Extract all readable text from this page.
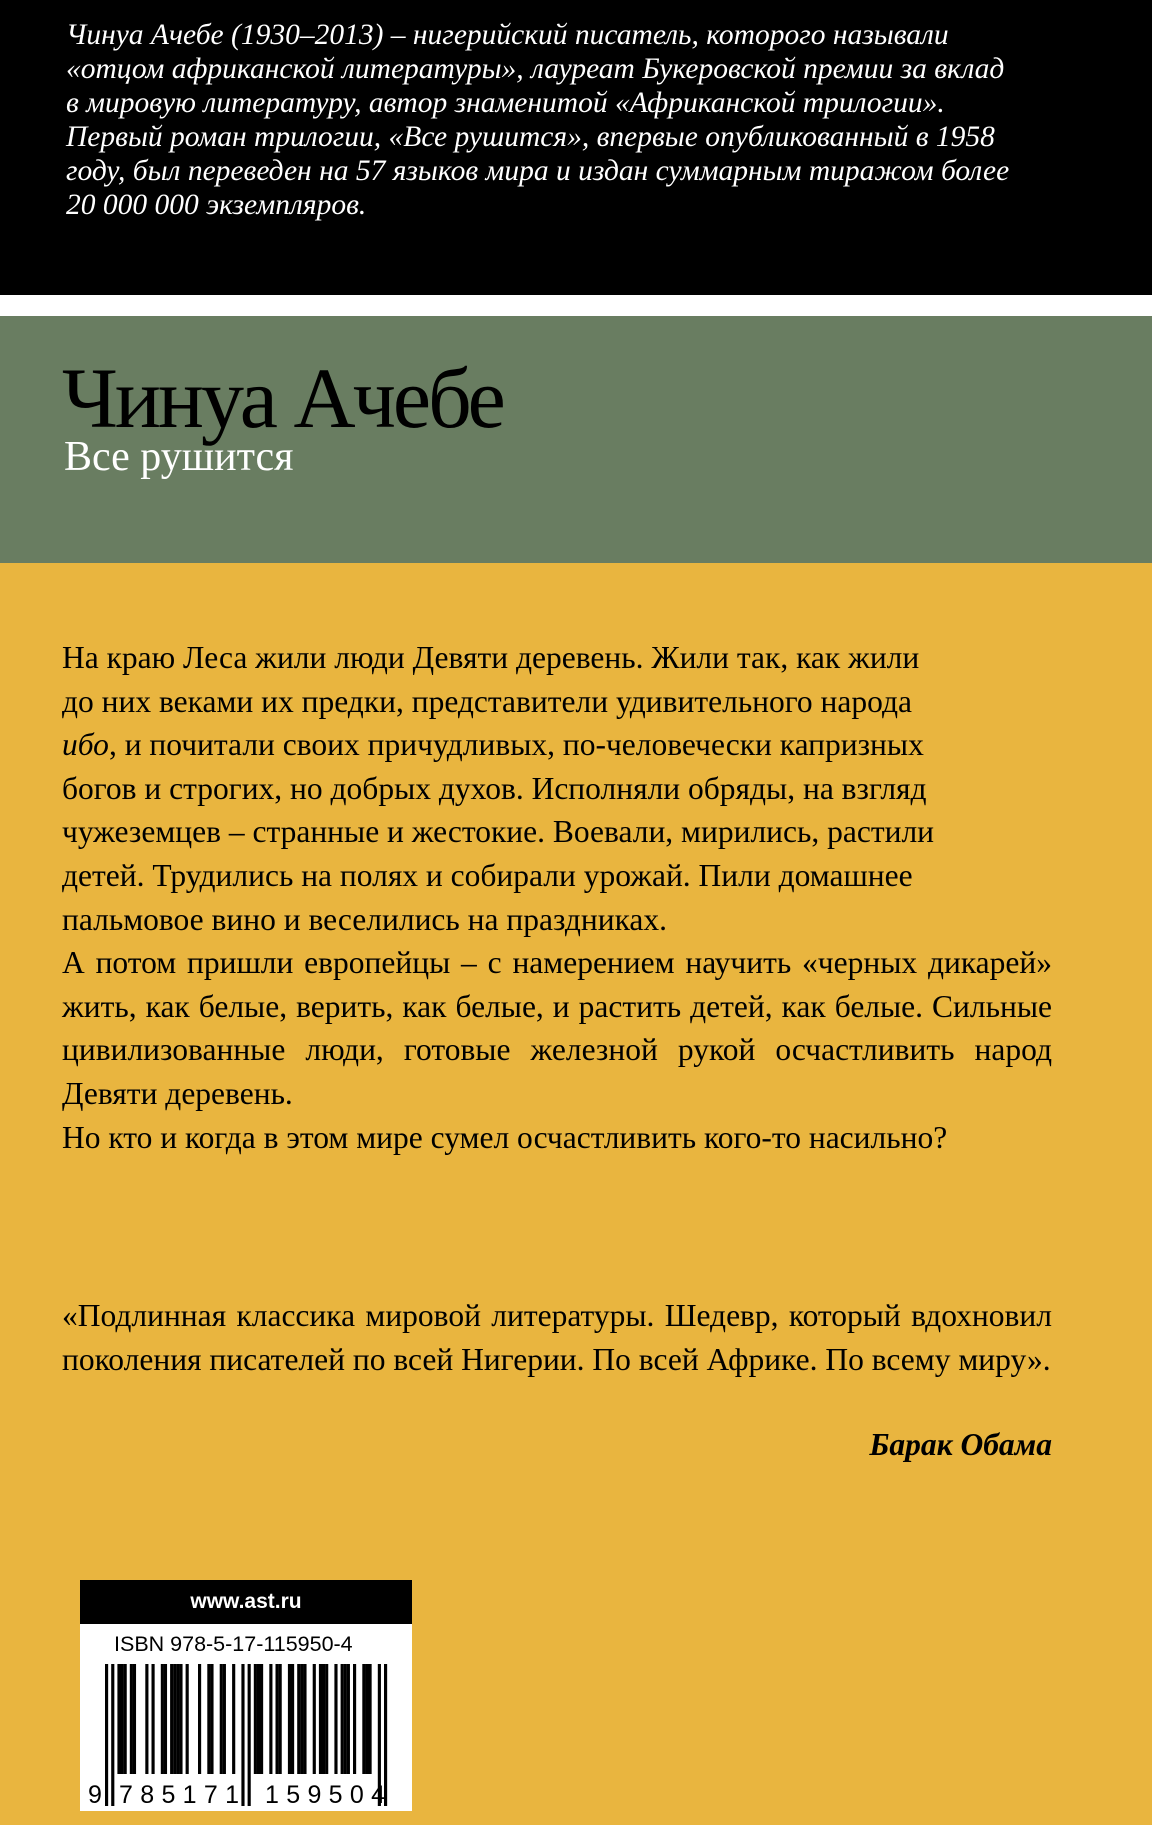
Чинуа Ачебе (1930–2013) – нигерийский писатель, которого называли
«отцом африканской литературы», лауреат Букеровской премии за вклад
в мировую литературу, автор знаменитой «Африканской трилогии».
Первый роман трилогии, «Все рушится», впервые опубликованный в 1958
году, был переведен на 57 языков мира и издан суммарным тиражом более
20 000 000 экземпляров.

Чинуа Ачебе
Все рушится

На краю Леса жили люди Девяти деревень. Жили так, как жили
до них веками их предки, представители удивительного народа
ибо, и почитали своих причудливых, по-человечески капризных
богов и строгих, но добрых духов. Исполняли обряды, на взгляд
чужеземцев – странные и жестокие. Воевали, мирились, растили
детей. Трудились на полях и собирали урожай. Пили домашнее
пальмовое вино и веселились на праздниках.

А потом пришли европейцы – с намерением научить «черных дикарей» жить, как белые, верить, как белые, и растить детей, как белые. Сильные цивилизованные люди, готовые железной рукой осчастливить народ Девяти деревень.

Но кто и когда в этом мире сумел осчастливить кого-то насильно?

«Подлинная классика мировой литературы. Шедевр, который вдохновил поколения писателей по всей Нигерии. По всей Африке. По всему миру».

Барак Обама

www.ast.ru

ISBN 978-5-17-115950-4

9 785171 159504
